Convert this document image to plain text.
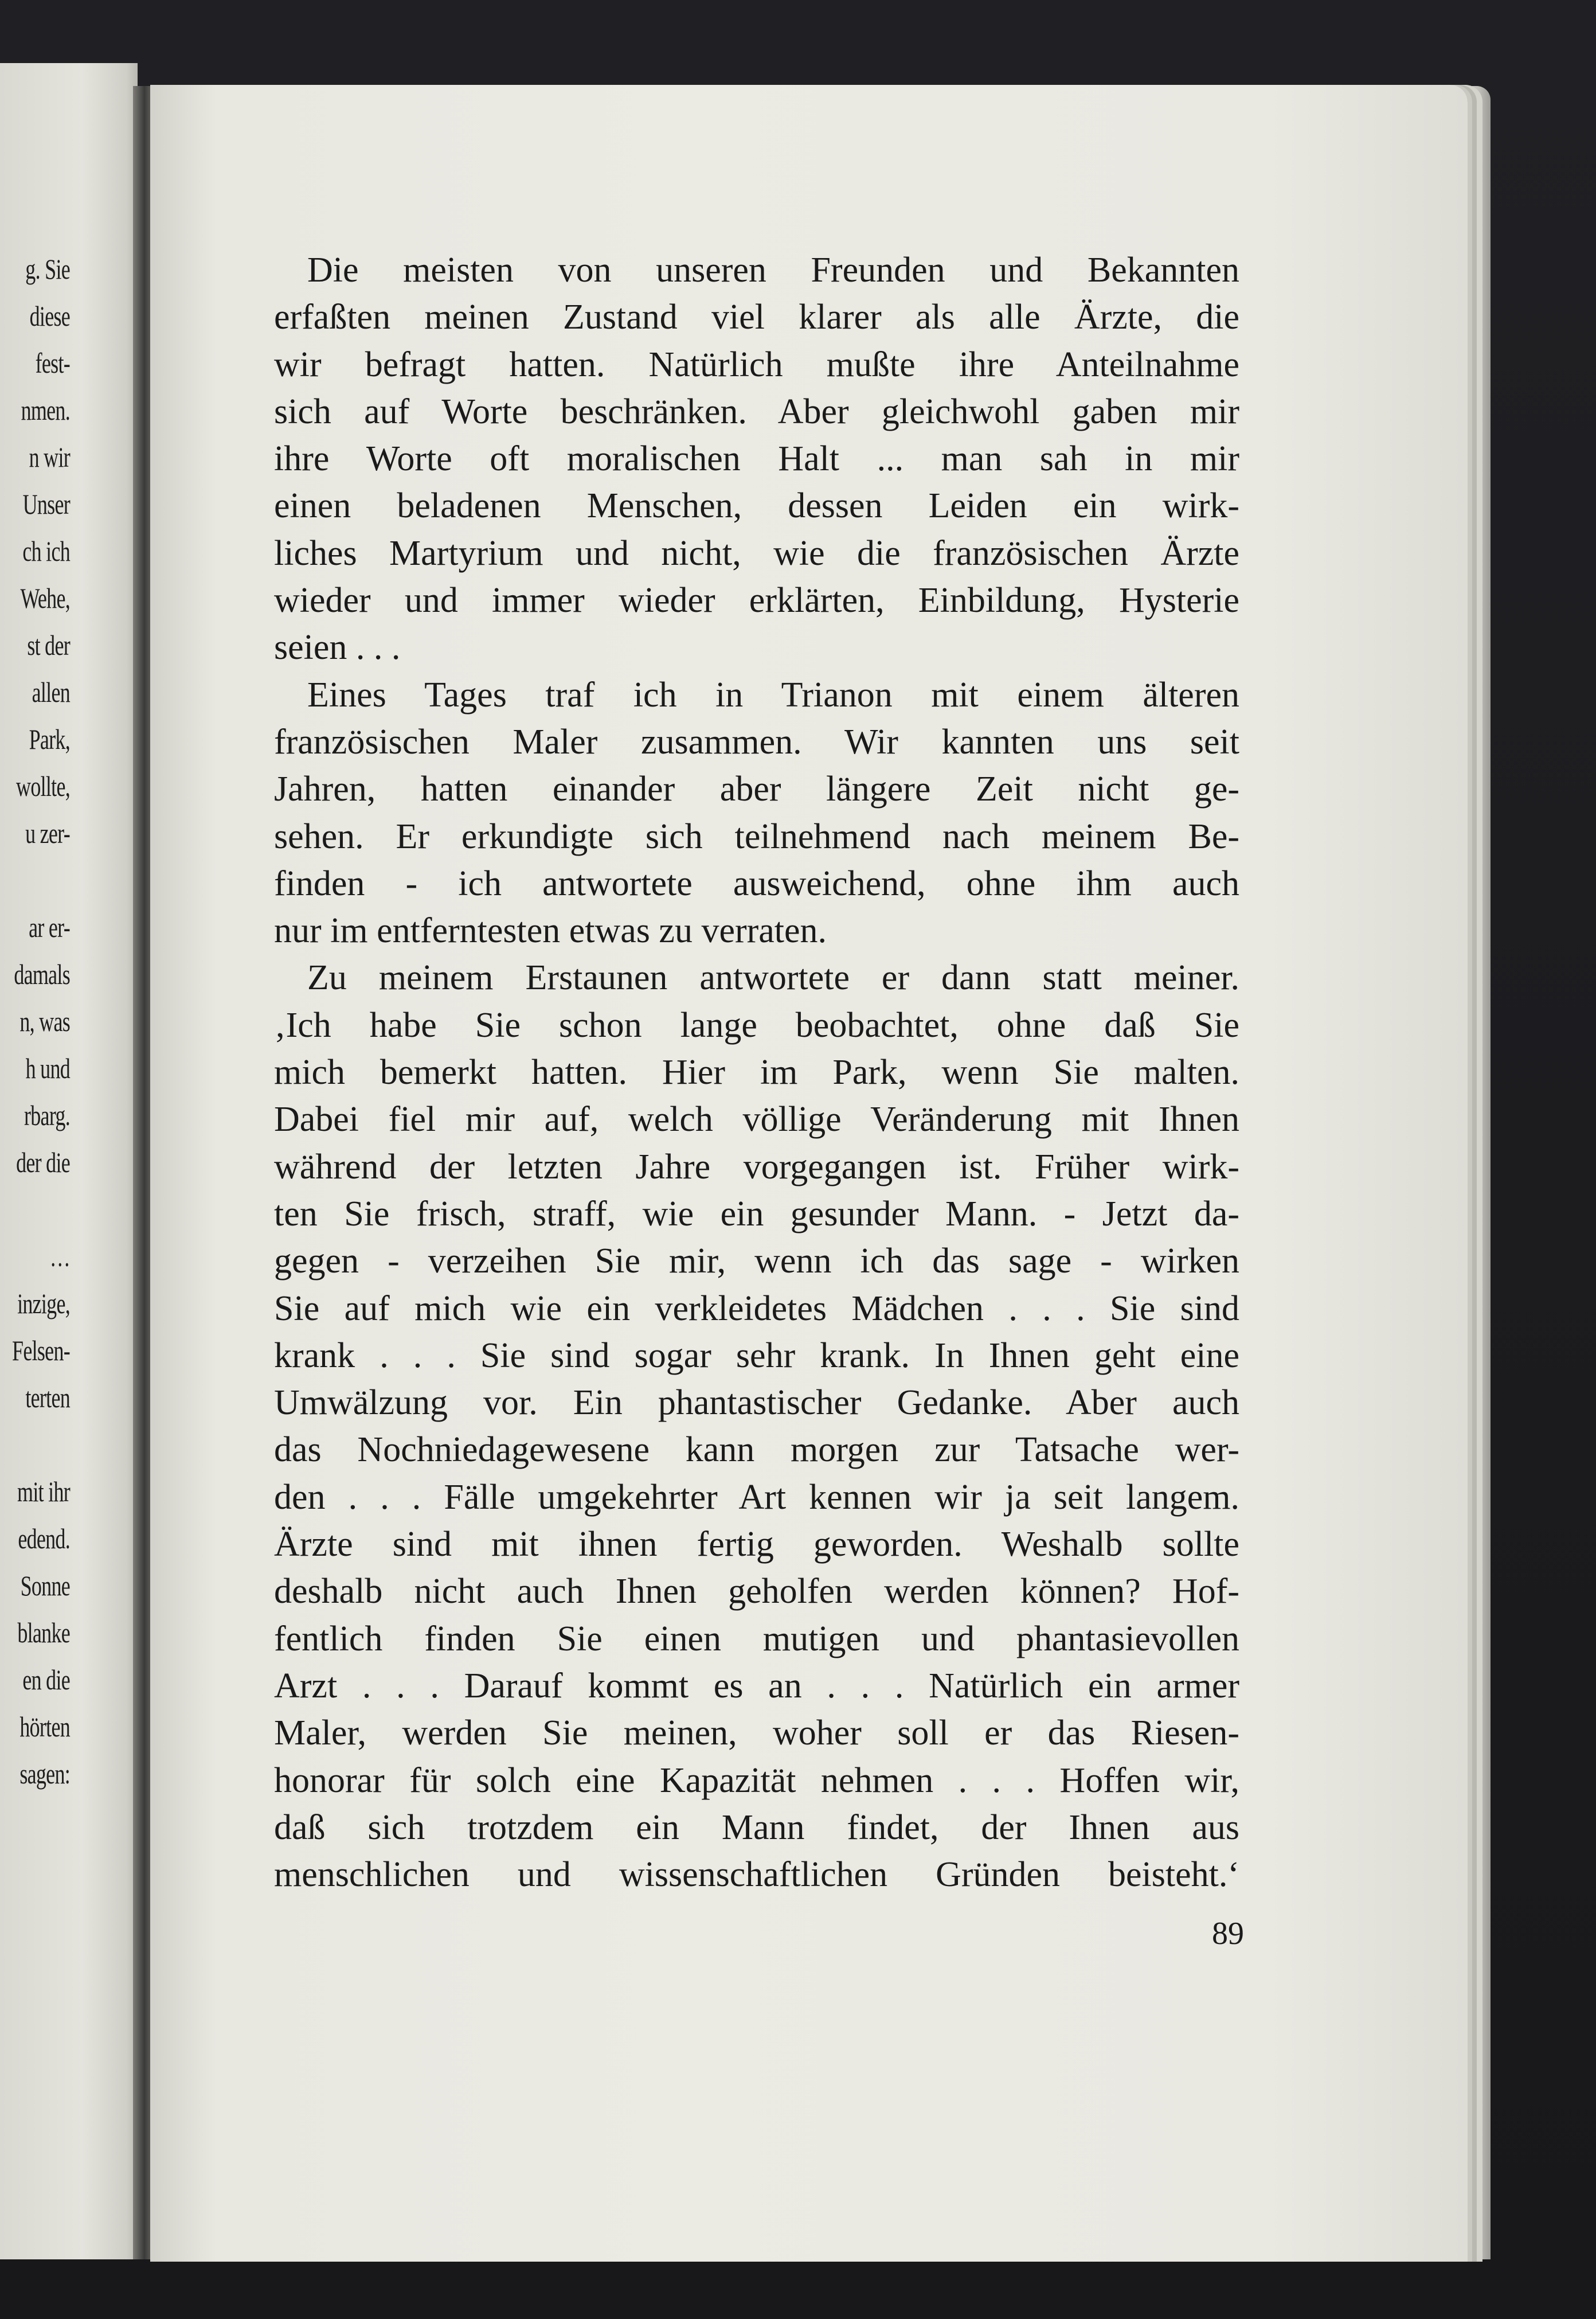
g. Sie
diese
fest-
nmen.
n wir
Unser
ch ich
Wehe,
st der
allen
Park,
wollte,
u zer-
ar er-
damals
n, was
h und
rbarg.
der die
…
inzige,
Felsen-
terten
mit ihr
edend.
Sonne
blanke
en die
hörten
sagen:
Die meisten von unseren Freunden und Bekannten
erfaßten meinen Zustand viel klarer als alle Ärzte, die
wir befragt hatten. Natürlich mußte ihre Anteilnahme
sich auf Worte beschränken. Aber gleichwohl gaben mir
ihre Worte oft moralischen Halt ... man sah in mir
einen beladenen Menschen, dessen Leiden ein wirk-
liches Martyrium und nicht, wie die französischen Ärzte
wieder und immer wieder erklärten, Einbildung, Hysterie
seien . . .
Eines Tages traf ich in Trianon mit einem älteren
französischen Maler zusammen. Wir kannten uns seit
Jahren, hatten einander aber längere Zeit nicht ge-
sehen. Er erkundigte sich teilnehmend nach meinem Be-
finden - ich antwortete ausweichend, ohne ihm auch
nur im entferntesten etwas zu verraten.
Zu meinem Erstaunen antwortete er dann statt meiner.
‚Ich habe Sie schon lange beobachtet, ohne daß Sie
mich bemerkt hatten. Hier im Park, wenn Sie malten.
Dabei fiel mir auf, welch völlige Veränderung mit Ihnen
während der letzten Jahre vorgegangen ist. Früher wirk-
ten Sie frisch, straff, wie ein gesunder Mann. - Jetzt da-
gegen - verzeihen Sie mir, wenn ich das sage - wirken
Sie auf mich wie ein verkleidetes Mädchen . . . Sie sind
krank . . . Sie sind sogar sehr krank. In Ihnen geht eine
Umwälzung vor. Ein phantastischer Gedanke. Aber auch
das Nochniedagewesene kann morgen zur Tatsache wer-
den . . . Fälle umgekehrter Art kennen wir ja seit langem.
Ärzte sind mit ihnen fertig geworden. Weshalb sollte
deshalb nicht auch Ihnen geholfen werden können? Hof-
fentlich finden Sie einen mutigen und phantasievollen
Arzt . . . Darauf kommt es an . . . Natürlich ein armer
Maler, werden Sie meinen, woher soll er das Riesen-
honorar für solch eine Kapazität nehmen . . . Hoffen wir,
daß sich trotzdem ein Mann findet, der Ihnen aus
menschlichen und wissenschaftlichen Gründen beisteht.‘
89
